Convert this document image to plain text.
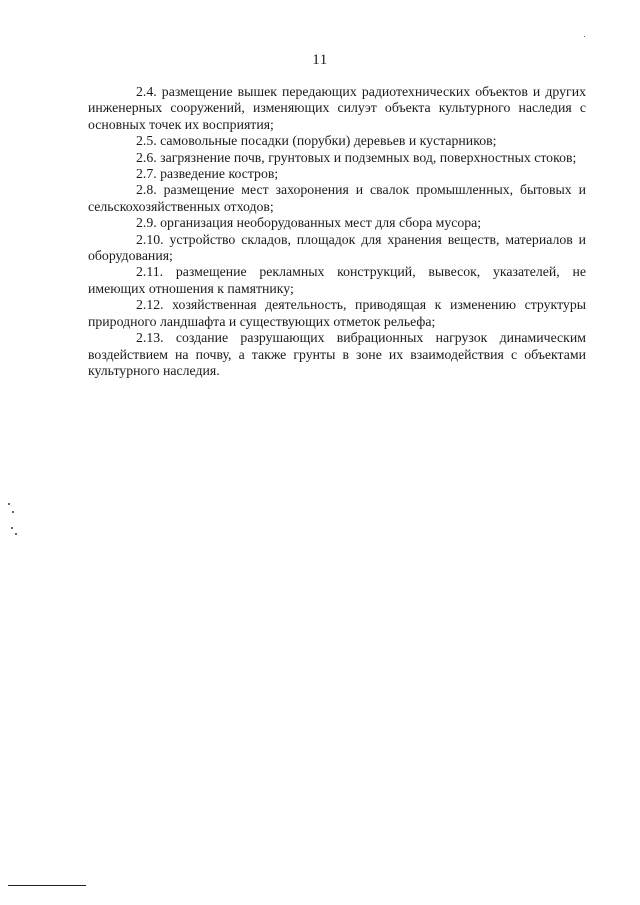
11

2.4. размещение вышек передающих радиотехнических объектов и других инженерных сооружений, изменяющих силуэт объекта культурного наследия с основных точек их восприятия;

2.5. самовольные посадки (порубки) деревьев и кустарников;

2.6. загрязнение почв, грунтовых и подземных вод, поверхностных стоков;

2.7. разведение костров;

2.8. размещение мест захоронения и свалок промышленных, бытовых и сельскохозяйственных отходов;

2.9. организация необорудованных мест для сбора мусора;

2.10. устройство складов, площадок для хранения веществ, материалов и оборудования;

2.11. размещение рекламных конструкций, вывесок, указателей, не имеющих отношения к памятнику;

2.12. хозяйственная деятельность, приводящая к изменению структуры природного ландшафта и существующих отметок рельефа;

2.13. создание разрушающих вибрационных нагрузок динамическим воздействием на почву, а также грунты в зоне их взаимодействия с объектами культурного наследия.
